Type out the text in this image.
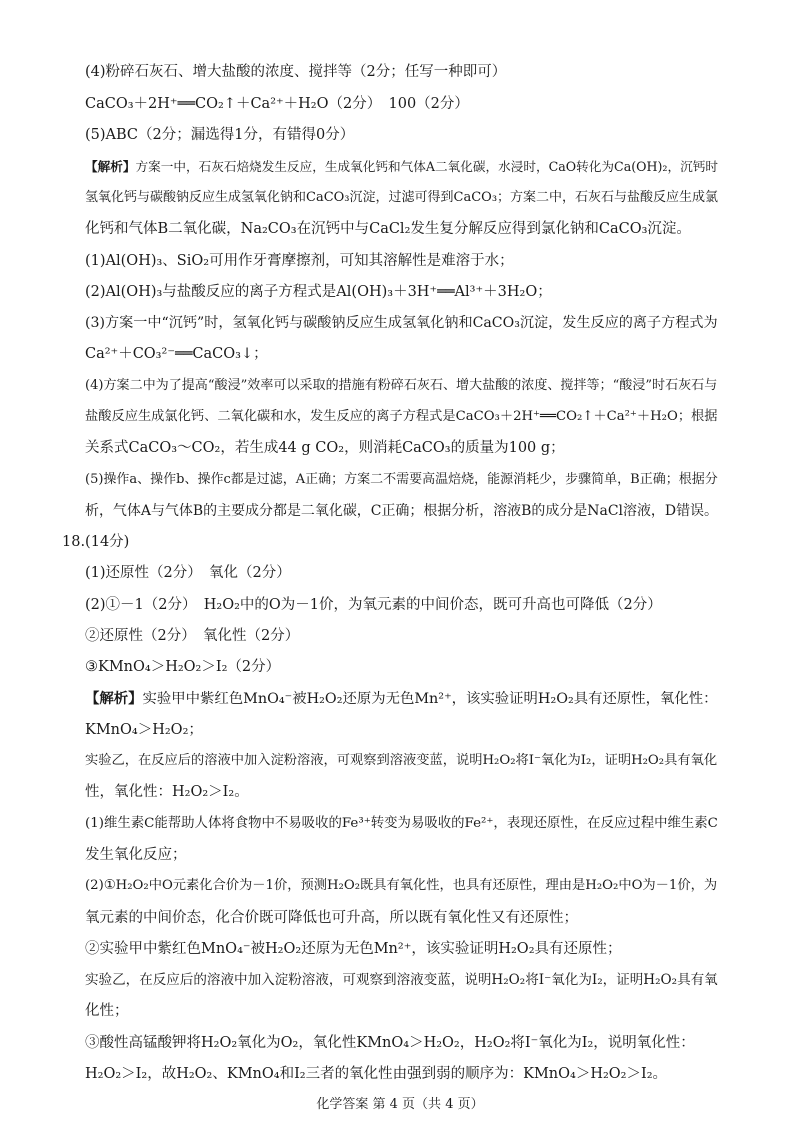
(4)粉碎石灰石、增大盐酸的浓度、搅拌等（2分；任写一种即可）
CaCO₃＋2H⁺══CO₂↑＋Ca²⁺＋H₂O（2分）　100（2分）
(5)ABC（2分；漏选得1分，有错得0分）
【解析】方案一中，石灰石焙烧发生反应，生成氧化钙和气体A二氧化碳，水浸时，CaO转化为Ca(OH)₂，沉钙时
氢氧化钙与碳酸钠反应生成氢氧化钠和CaCO₃沉淀，过滤可得到CaCO₃；方案二中，石灰石与盐酸反应生成氯
化钙和气体B二氧化碳，Na₂CO₃在沉钙中与CaCl₂发生复分解反应得到氯化钠和CaCO₃沉淀。
(1)Al(OH)₃、SiO₂可用作牙膏摩擦剂，可知其溶解性是难溶于水；
(2)Al(OH)₃与盐酸反应的离子方程式是Al(OH)₃＋3H⁺══Al³⁺＋3H₂O；
(3)方案一中“沉钙”时，氢氧化钙与碳酸钠反应生成氢氧化钠和CaCO₃沉淀，发生反应的离子方程式为
Ca²⁺＋CO₃²⁻══CaCO₃↓；
(4)方案二中为了提高“酸浸”效率可以采取的措施有粉碎石灰石、增大盐酸的浓度、搅拌等；“酸浸”时石灰石与
盐酸反应生成氯化钙、二氧化碳和水，发生反应的离子方程式是CaCO₃＋2H⁺══CO₂↑＋Ca²⁺＋H₂O；根据
关系式CaCO₃～CO₂，若生成44 g CO₂，则消耗CaCO₃的质量为100 g；
(5)操作a、操作b、操作c都是过滤，A正确；方案二不需要高温焙烧，能源消耗少，步骤简单，B正确；根据分
析，气体A与气体B的主要成分都是二氧化碳，C正确；根据分析，溶液B的成分是NaCl溶液，D错误。
18.(14分)
(1)还原性（2分）　氧化（2分）
(2)①－1（2分）　H₂O₂中的O为－1价，为氧元素的中间价态，既可升高也可降低（2分）
②还原性（2分）　氧化性（2分）
③KMnO₄＞H₂O₂＞I₂（2分）
【解析】实验甲中紫红色MnO₄⁻被H₂O₂还原为无色Mn²⁺，该实验证明H₂O₂具有还原性，氧化性：
KMnO₄＞H₂O₂；
实验乙，在反应后的溶液中加入淀粉溶液，可观察到溶液变蓝，说明H₂O₂将I⁻氧化为I₂，证明H₂O₂具有氧化
性，氧化性：H₂O₂＞I₂。
(1)维生素C能帮助人体将食物中不易吸收的Fe³⁺转变为易吸收的Fe²⁺，表现还原性，在反应过程中维生素C
发生氧化反应；
(2)①H₂O₂中O元素化合价为－1价，预测H₂O₂既具有氧化性，也具有还原性，理由是H₂O₂中O为－1价，为
氧元素的中间价态，化合价既可降低也可升高，所以既有氧化性又有还原性；
②实验甲中紫红色MnO₄⁻被H₂O₂还原为无色Mn²⁺，该实验证明H₂O₂具有还原性；
实验乙，在反应后的溶液中加入淀粉溶液，可观察到溶液变蓝，说明H₂O₂将I⁻氧化为I₂，证明H₂O₂具有氧
化性；
③酸性高锰酸钾将H₂O₂氧化为O₂，氧化性KMnO₄＞H₂O₂，H₂O₂将I⁻氧化为I₂，说明氧化性：
H₂O₂＞I₂，故H₂O₂、KMnO₄和I₂三者的氧化性由强到弱的顺序为：KMnO₄＞H₂O₂＞I₂。
化学答案 第 4 页（共 4 页）
